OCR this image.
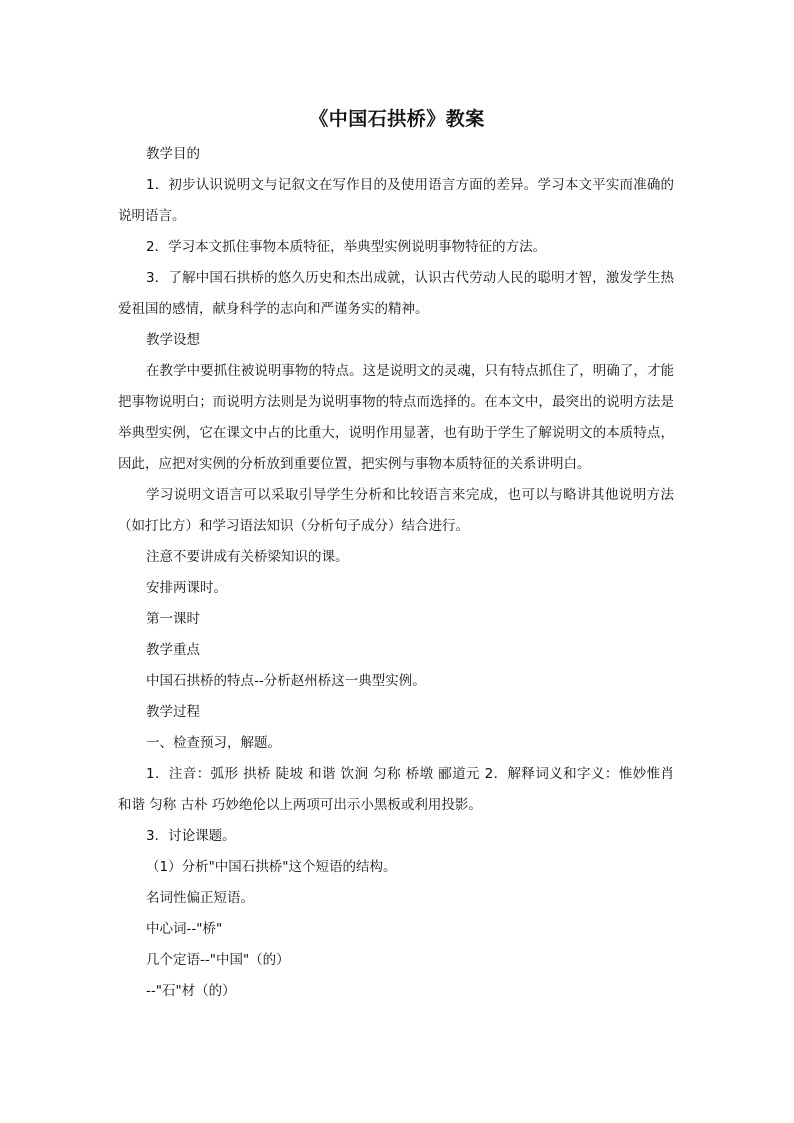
《中国石拱桥》教案

教学目的

1．初步认识说明文与记叙文在写作目的及使用语言方面的差异。学习本文平实而准确的说明语言。

2．学习本文抓住事物本质特征，举典型实例说明事物特征的方法。

3．了解中国石拱桥的悠久历史和杰出成就，认识古代劳动人民的聪明才智，激发学生热爱祖国的感情，献身科学的志向和严谨务实的精神。

教学设想

在教学中要抓住被说明事物的特点。这是说明文的灵魂，只有特点抓住了，明确了，才能把事物说明白；而说明方法则是为说明事物的特点而选择的。在本文中，最突出的说明方法是举典型实例，它在课文中占的比重大，说明作用显著，也有助于学生了解说明文的本质特点，因此，应把对实例的分析放到重要位置，把实例与事物本质特征的关系讲明白。

学习说明文语言可以采取引导学生分析和比较语言来完成，也可以与略讲其他说明方法（如打比方）和学习语法知识（分析句子成分）结合进行。

注意不要讲成有关桥梁知识的课。

安排两课时。

第一课时

教学重点

中国石拱桥的特点--分析赵州桥这一典型实例。

教学过程

一、检查预习，解题。

1．注音：弧形 拱桥 陡坡 和谐 饮涧 匀称 桥墩 郦道元 2．解释词义和字义：惟妙惟肖 和谐 匀称 古朴 巧妙绝伦以上两项可出示小黑板或利用投影。

3．讨论课题。

（1）分析"中国石拱桥"这个短语的结构。

名词性偏正短语。

中心词--"桥"

几个定语--"中国"（的）

--"石"材（的）
